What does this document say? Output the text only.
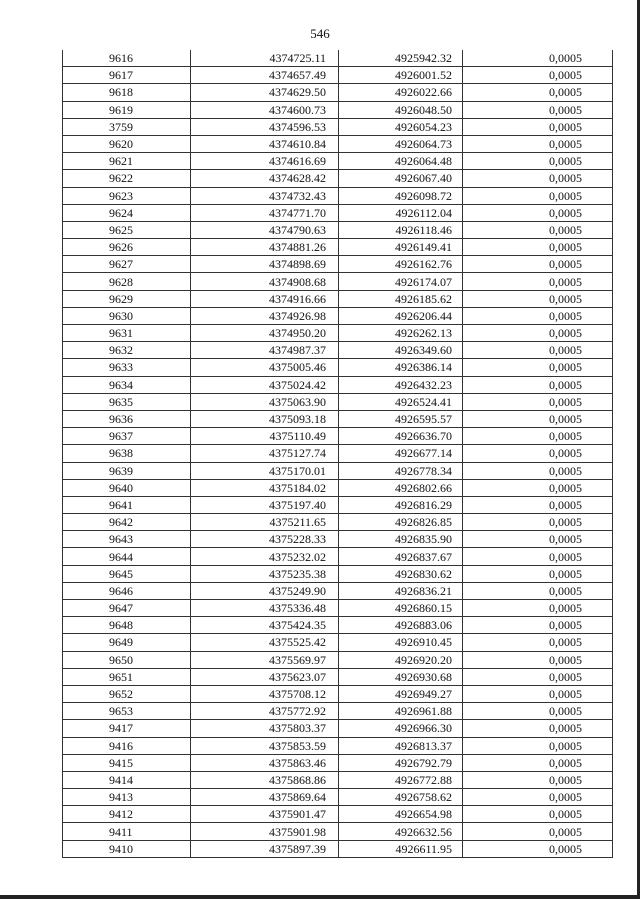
546
9616	4374725.11	4925942.32	0,0005
9617	4374657.49	4926001.52	0,0005
9618	4374629.50	4926022.66	0,0005
9619	4374600.73	4926048.50	0,0005
3759	4374596.53	4926054.23	0,0005
9620	4374610.84	4926064.73	0,0005
9621	4374616.69	4926064.48	0,0005
9622	4374628.42	4926067.40	0,0005
9623	4374732.43	4926098.72	0,0005
9624	4374771.70	4926112.04	0,0005
9625	4374790.63	4926118.46	0,0005
9626	4374881.26	4926149.41	0,0005
9627	4374898.69	4926162.76	0,0005
9628	4374908.68	4926174.07	0,0005
9629	4374916.66	4926185.62	0,0005
9630	4374926.98	4926206.44	0,0005
9631	4374950.20	4926262.13	0,0005
9632	4374987.37	4926349.60	0,0005
9633	4375005.46	4926386.14	0,0005
9634	4375024.42	4926432.23	0,0005
9635	4375063.90	4926524.41	0,0005
9636	4375093.18	4926595.57	0,0005
9637	4375110.49	4926636.70	0,0005
9638	4375127.74	4926677.14	0,0005
9639	4375170.01	4926778.34	0,0005
9640	4375184.02	4926802.66	0,0005
9641	4375197.40	4926816.29	0,0005
9642	4375211.65	4926826.85	0,0005
9643	4375228.33	4926835.90	0,0005
9644	4375232.02	4926837.67	0,0005
9645	4375235.38	4926830.62	0,0005
9646	4375249.90	4926836.21	0,0005
9647	4375336.48	4926860.15	0,0005
9648	4375424.35	4926883.06	0,0005
9649	4375525.42	4926910.45	0,0005
9650	4375569.97	4926920.20	0,0005
9651	4375623.07	4926930.68	0,0005
9652	4375708.12	4926949.27	0,0005
9653	4375772.92	4926961.88	0,0005
9417	4375803.37	4926966.30	0,0005
9416	4375853.59	4926813.37	0,0005
9415	4375863.46	4926792.79	0,0005
9414	4375868.86	4926772.88	0,0005
9413	4375869.64	4926758.62	0,0005
9412	4375901.47	4926654.98	0,0005
9411	4375901.98	4926632.56	0,0005
9410	4375897.39	4926611.95	0,0005
